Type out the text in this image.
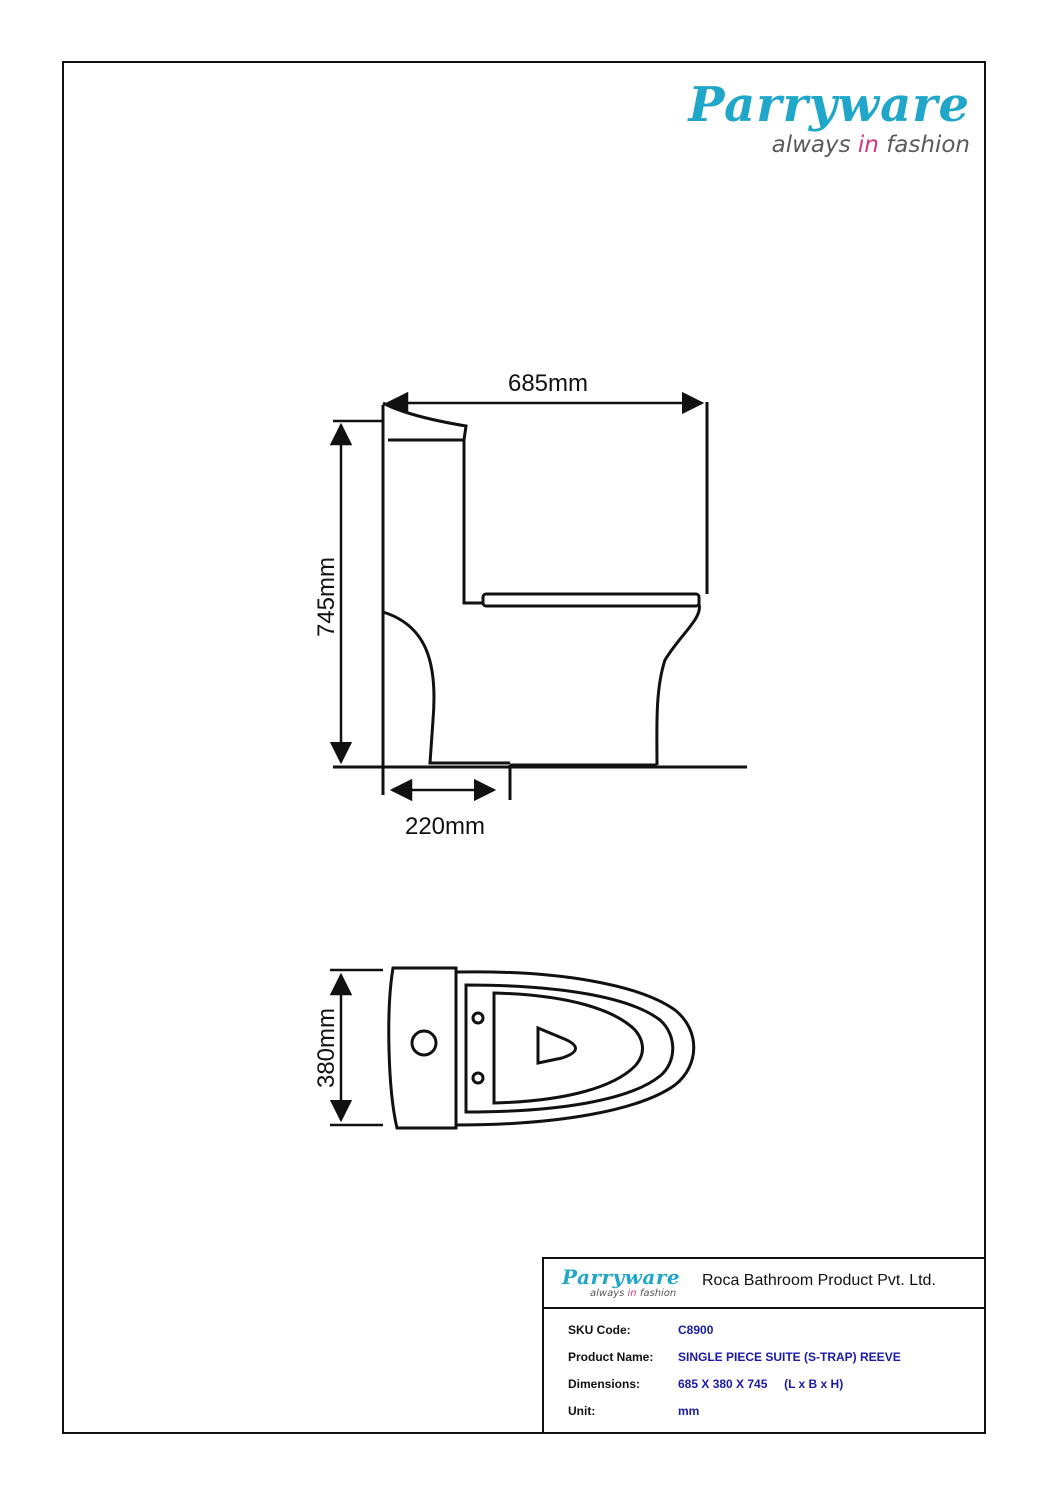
Parryware
always in fashion
685mm
220mm
745mm
380mm
Parryware
always in fashion
Roca Bathroom Product Pvt. Ltd.
SKU Code:	C8900
Product Name:	SINGLE PIECE SUITE (S-TRAP) REEVE
Dimensions:	685 X 380 X 745     (L x B x H)
Unit:	mm
